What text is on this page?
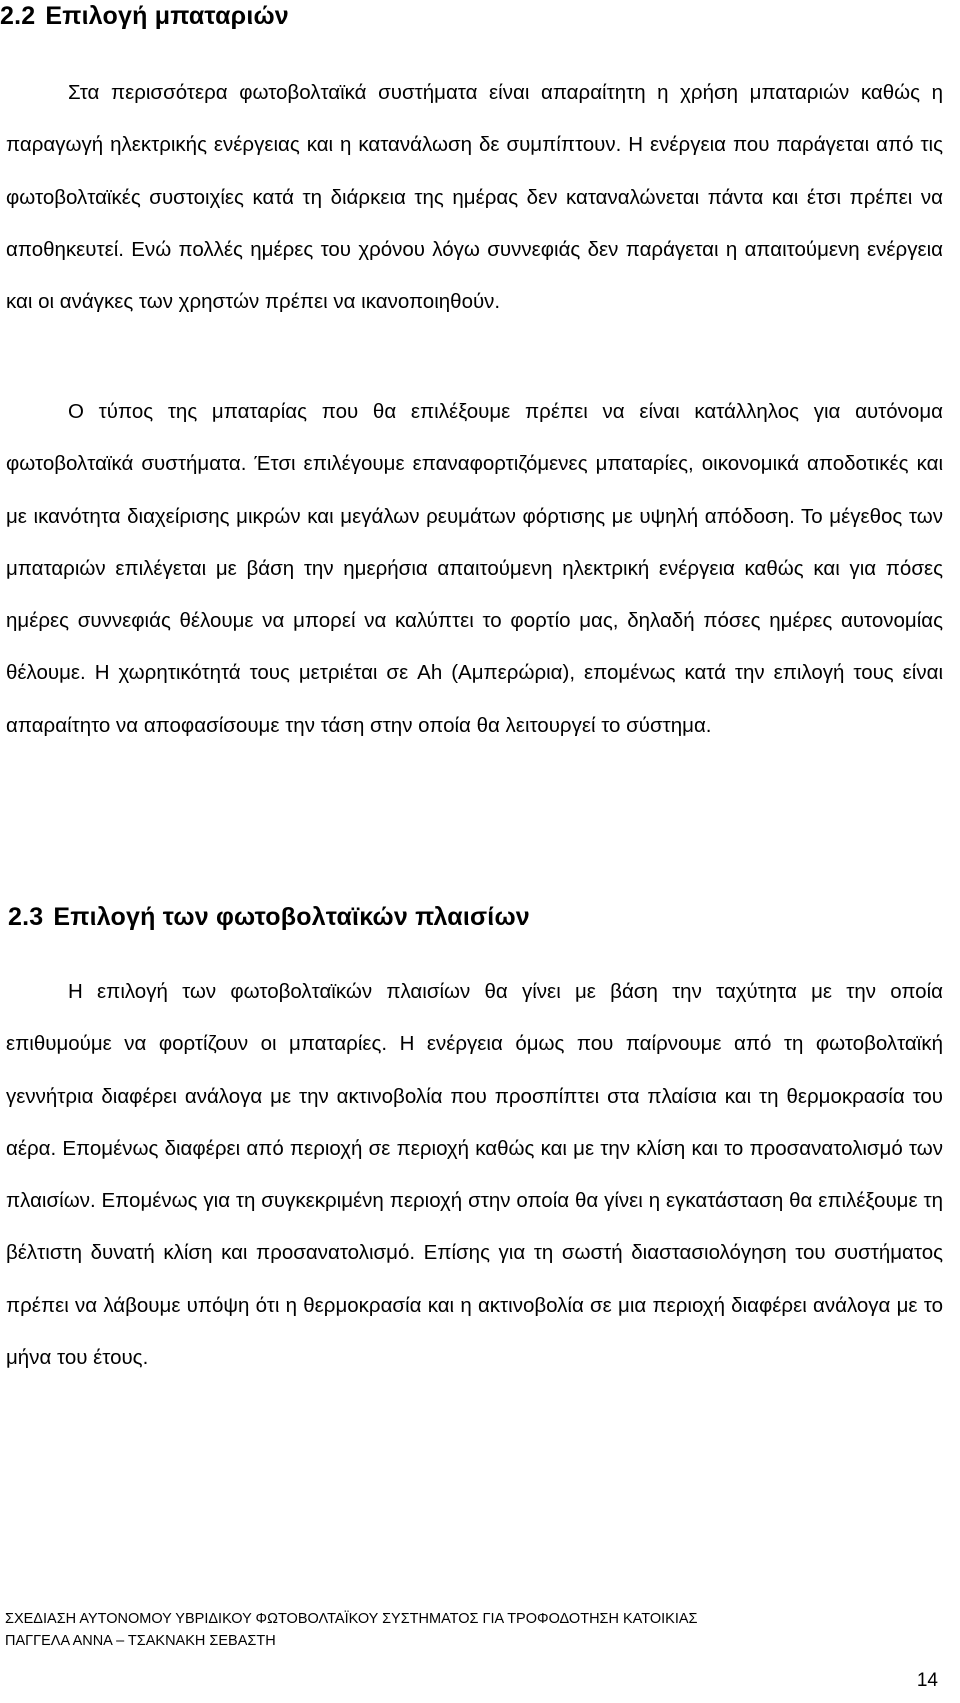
2.2 Επιλογή μπαταριών

Στα περισσότερα φωτοβολταϊκά συστήματα είναι απαραίτητη η χρήση μπαταριών καθώς η παραγωγή ηλεκτρικής ενέργειας και η κατανάλωση δε συμπίπτουν. Η ενέργεια που παράγεται από τις φωτοβολταϊκές συστοιχίες κατά τη διάρκεια της ημέρας δεν καταναλώνεται πάντα και έτσι πρέπει να αποθηκευτεί. Ενώ πολλές ημέρες του χρόνου λόγω συννεφιάς δεν παράγεται η απαιτούμενη ενέργεια και οι ανάγκες των χρηστών πρέπει να ικανοποιηθούν.

Ο τύπος της μπαταρίας που θα επιλέξουμε πρέπει να είναι κατάλληλος για αυτόνομα φωτοβολταϊκά συστήματα. Έτσι επιλέγουμε επαναφορτιζόμενες μπαταρίες, οικονομικά αποδοτικές και με ικανότητα διαχείρισης μικρών και μεγάλων ρευμάτων φόρτισης με υψηλή απόδοση. Το μέγεθος των μπαταριών επιλέγεται με βάση την ημερήσια απαιτούμενη ηλεκτρική ενέργεια καθώς και για πόσες ημέρες συννεφιάς θέλουμε να μπορεί να καλύπτει το φορτίο μας, δηλαδή πόσες ημέρες αυτονομίας θέλουμε. Η χωρητικότητά τους μετριέται σε Ah (Αμπερώρια), επομένως κατά την επιλογή τους είναι απαραίτητο να αποφασίσουμε την τάση στην οποία θα λειτουργεί το σύστημα.

2.3 Επιλογή των φωτοβολταϊκών πλαισίων

Η επιλογή των φωτοβολταϊκών πλαισίων θα γίνει με βάση την ταχύτητα με την οποία επιθυμούμε να φορτίζουν οι μπαταρίες. Η ενέργεια όμως που παίρνουμε από τη φωτοβολταϊκή γεννήτρια διαφέρει ανάλογα με την ακτινοβολία που προσπίπτει στα πλαίσια και τη θερμοκρασία του αέρα. Επομένως διαφέρει από περιοχή σε περιοχή καθώς και με την κλίση και το προσανατολισμό των πλαισίων. Επομένως για τη συγκεκριμένη περιοχή στην οποία θα γίνει η εγκατάσταση θα επιλέξουμε τη βέλτιστη δυνατή κλίση και προσανατολισμό. Επίσης για τη σωστή διαστασιολόγηση του συστήματος πρέπει να λάβουμε υπόψη ότι η θερμοκρασία και η ακτινοβολία σε μια περιοχή διαφέρει ανάλογα με το μήνα του έτους.

ΣΧΕΔΙΑΣΗ ΑΥΤΟΝΟΜΟΥ ΥΒΡΙΔΙΚΟΥ ΦΩΤΟΒΟΛΤΑΪΚΟΥ ΣΥΣΤΗΜΑΤΟΣ ΓΙΑ ΤΡΟΦΟΔΟΤΗΣΗ ΚΑΤΟΙΚΙΑΣ
ΠΑΓΓΕΛΑ ΑΝΝΑ – ΤΣΑΚΝΑΚΗ ΣΕΒΑΣΤΗ
14
